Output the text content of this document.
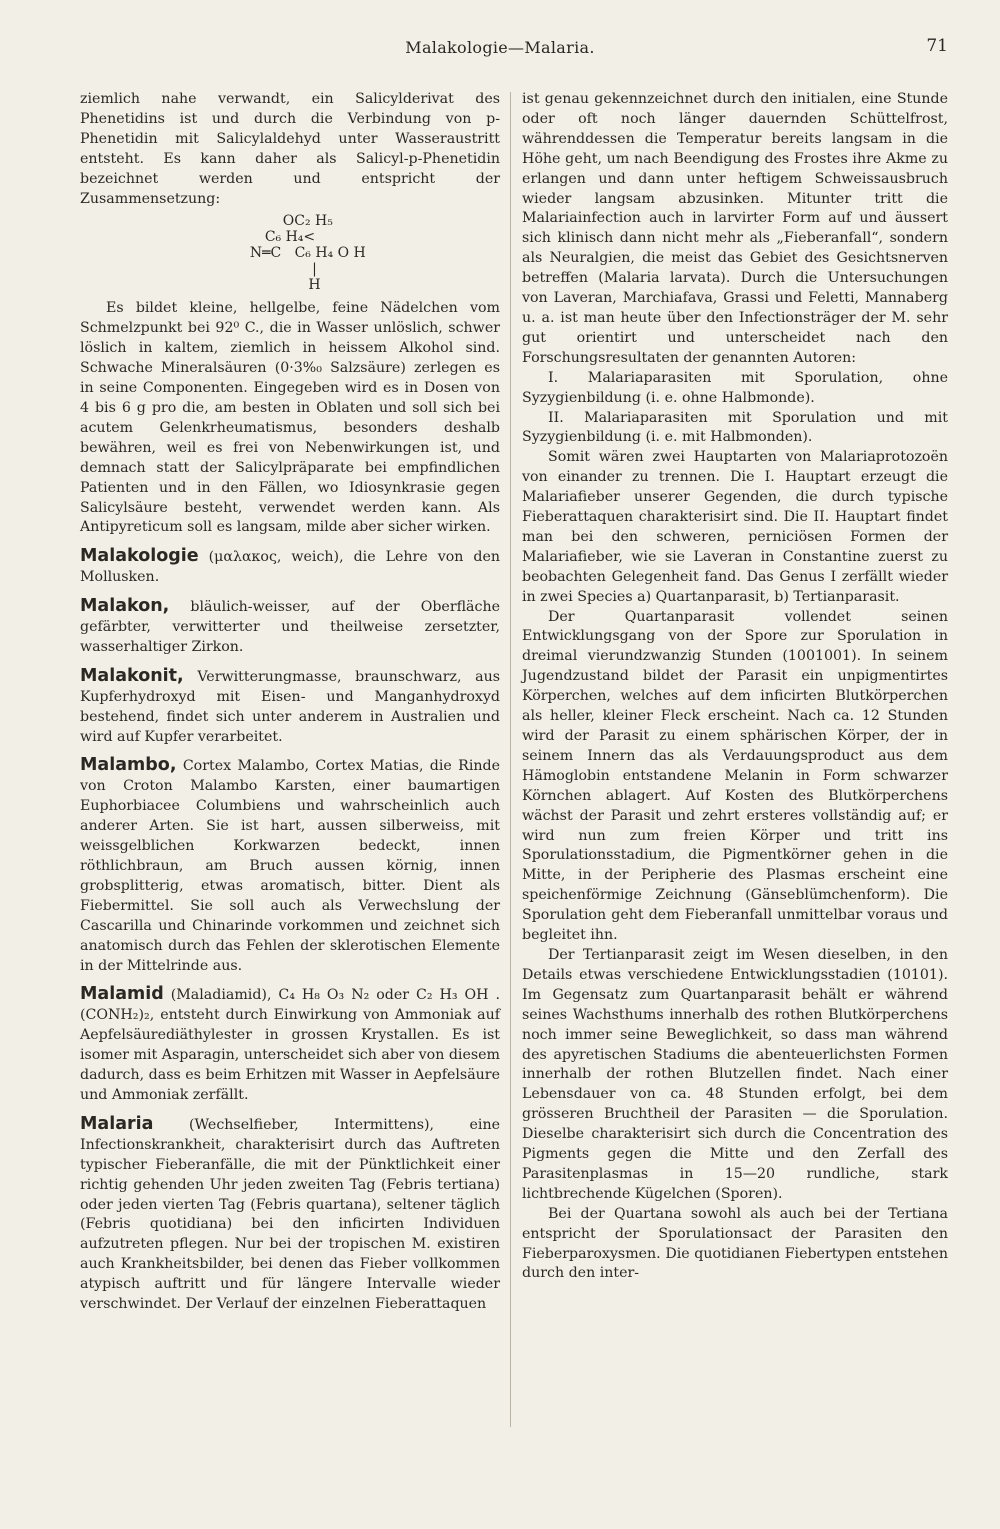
Malakologie—Malaria.	71

ziemlich nahe verwandt, ein Salicylderivat des Phenetidins ist und durch die Verbindung von p-Phenetidin mit Salicylaldehyd unter Wasseraustritt entsteht. Es kann daher als Salicyl-p-Phenetidin bezeichnet werden und entspricht der Zusammensetzung:

OC₂ H₅
C₆ H₄<
N═C   C₆ H₄ O H
|
H

Es bildet kleine, hellgelbe, feine Nädelchen vom Schmelzpunkt bei 92⁰ C., die in Wasser unlöslich, schwer löslich in kaltem, ziemlich in heissem Alkohol sind. Schwache Mineralsäuren (0·3%₀ Salzsäure) zerlegen es in seine Componenten. Eingegeben wird es in Dosen von 4 bis 6 g pro die, am besten in Oblaten und soll sich bei acutem Gelenkrheumatismus, besonders deshalb bewähren, weil es frei von Nebenwirkungen ist, und demnach statt der Salicylpräparate bei empfindlichen Patienten und in den Fällen, wo Idiosynkrasie gegen Salicylsäure besteht, verwendet werden kann. Als Antipyreticum soll es langsam, milde aber sicher wirken.

Malakologie (μαλακος, weich), die Lehre von den Mollusken.

Malakon, bläulich-weisser, auf der Oberfläche gefärbter, verwitterter und theilweise zersetzter, wasserhaltiger Zirkon.

Malakonit, Verwitterungmasse, braunschwarz, aus Kupferhydroxyd mit Eisen- und Manganhydroxyd bestehend, findet sich unter anderem in Australien und wird auf Kupfer verarbeitet.

Malambo, Cortex Malambo, Cortex Matias, die Rinde von Croton Malambo Karsten, einer baumartigen Euphorbiacee Columbiens und wahrscheinlich auch anderer Arten. Sie ist hart, aussen silberweiss, mit weissgelblichen Korkwarzen bedeckt, innen röthlichbraun, am Bruch aussen körnig, innen grobsplitterig, etwas aromatisch, bitter. Dient als Fiebermittel. Sie soll auch als Verwechslung der Cascarilla und Chinarinde vorkommen und zeichnet sich anatomisch durch das Fehlen der sklerotischen Elemente in der Mittelrinde aus.

Malamid (Maladiamid), C₄ H₈ O₃ N₂ oder C₂ H₃ OH . (CONH₂)₂, entsteht durch Einwirkung von Ammoniak auf Aepfelsäurediäthylester in grossen Krystallen. Es ist isomer mit Asparagin, unterscheidet sich aber von diesem dadurch, dass es beim Erhitzen mit Wasser in Aepfelsäure und Ammoniak zerfällt.

Malaria (Wechselfieber, Intermittens), eine Infectionskrankheit, charakterisirt durch das Auftreten typischer Fieberanfälle, die mit der Pünktlichkeit einer richtig gehenden Uhr jeden zweiten Tag (Febris tertiana) oder jeden vierten Tag (Febris quartana), seltener täglich (Febris quotidiana) bei den inficirten Individuen aufzutreten pflegen. Nur bei der tropischen M. existiren auch Krankheitsbilder, bei denen das Fieber vollkommen atypisch auftritt und für längere Intervalle wieder verschwindet. Der Verlauf der einzelnen Fieberattaquen

ist genau gekennzeichnet durch den initialen, eine Stunde oder oft noch länger dauernden Schüttelfrost, währenddessen die Temperatur bereits langsam in die Höhe geht, um nach Beendigung des Frostes ihre Akme zu erlangen und dann unter heftigem Schweissausbruch wieder langsam abzusinken. Mitunter tritt die Malariainfection auch in larvirter Form auf und äussert sich klinisch dann nicht mehr als „Fieberanfall“, sondern als Neuralgien, die meist das Gebiet des Gesichtsnerven betreffen (Malaria larvata). Durch die Untersuchungen von Laveran, Marchiafava, Grassi und Feletti, Mannaberg u. a. ist man heute über den Infectionsträger der M. sehr gut orientirt und unterscheidet nach den Forschungsresultaten der genannten Autoren:

I. Malariaparasiten mit Sporulation, ohne Syzygienbildung (i. e. ohne Halbmonde).

II. Malariaparasiten mit Sporulation und mit Syzygienbildung (i. e. mit Halbmonden).

Somit wären zwei Hauptarten von Malariaprotozoën von einander zu trennen. Die I. Hauptart erzeugt die Malariafieber unserer Gegenden, die durch typische Fieberattaquen charakterisirt sind. Die II. Hauptart findet man bei den schweren, perniciösen Formen der Malariafieber, wie sie Laveran in Constantine zuerst zu beobachten Gelegenheit fand. Das Genus I zerfällt wieder in zwei Species a) Quartanparasit, b) Tertianparasit.

Der Quartanparasit vollendet seinen Entwicklungsgang von der Spore zur Sporulation in dreimal vierundzwanzig Stunden (1001001). In seinem Jugendzustand bildet der Parasit ein unpigmentirtes Körperchen, welches auf dem inficirten Blutkörperchen als heller, kleiner Fleck erscheint. Nach ca. 12 Stunden wird der Parasit zu einem sphärischen Körper, der in seinem Innern das als Verdauungsproduct aus dem Hämoglobin entstandene Melanin in Form schwarzer Körnchen ablagert. Auf Kosten des Blutkörperchens wächst der Parasit und zehrt ersteres vollständig auf; er wird nun zum freien Körper und tritt ins Sporulationsstadium, die Pigmentkörner gehen in die Mitte, in der Peripherie des Plasmas erscheint eine speichenförmige Zeichnung (Gänseblümchenform). Die Sporulation geht dem Fieberanfall unmittelbar voraus und begleitet ihn.

Der Tertianparasit zeigt im Wesen dieselben, in den Details etwas verschiedene Entwicklungsstadien (10101). Im Gegensatz zum Quartanparasit behält er während seines Wachsthums innerhalb des rothen Blutkörperchens noch immer seine Beweglichkeit, so dass man während des apyretischen Stadiums die abenteuerlichsten Formen innerhalb der rothen Blutzellen findet. Nach einer Lebensdauer von ca. 48 Stunden erfolgt, bei dem grösseren Bruchtheil der Parasiten — die Sporulation. Dieselbe charakterisirt sich durch die Concentration des Pigments gegen die Mitte und den Zerfall des Parasitenplasmas in 15—20 rundliche, stark lichtbrechende Kügelchen (Sporen).

Bei der Quartana sowohl als auch bei der Tertiana entspricht der Sporulationsact der Parasiten den Fieberparoxysmen. Die quotidianen Fiebertypen entstehen durch den inter-
